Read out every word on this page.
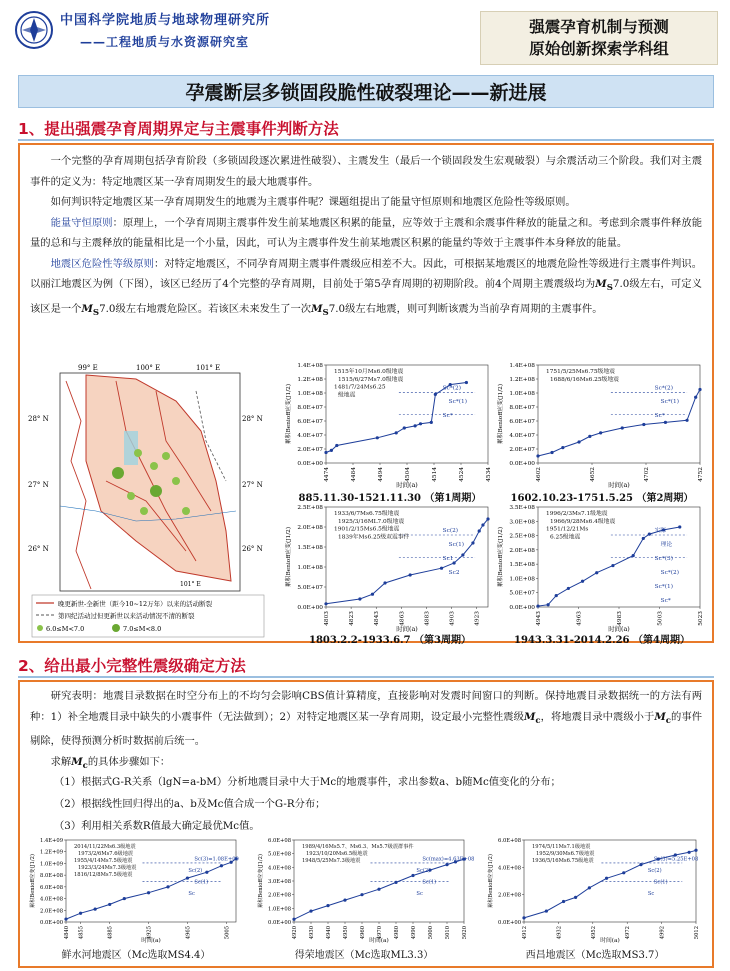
中国科学院地质与地球物理研究所
——工程地质与水资源研究室
强震孕育机制与预测
原始创新探索学科组
孕震断层多锁固段脆性破裂理论——新进展
1、提出强震孕育周期界定与主震事件判断方法

一个完整的孕育周期包括孕育阶段（多锁固段逐次累进性破裂）、主震发生（最后一个锁固段发生宏观破裂）与余震活动三个阶段。我们对主震事件的定义为：特定地震区某一孕育周期发生的最大地震事件。

如何判识特定地震区某一孕育周期发生的地震为主震事件呢？课题组提出了能量守恒原则和地震区危险性等级原则。

能量守恒原则：原理上，一个孕育周期主震事件发生前某地震区积累的能量，应等效于主震和余震事件释放的能量之和。考虑到余震事件释放能量的总和与主震释放的能量相比是一个小量，因此，可认为主震事件发生前某地震区积累的能量约等效于主震事件本身释放的能量。

地震区危险性等级原则：对特定地震区，不同孕育周期主震事件震级应相差不大。因此，可根据某地震区的地震危险性等级进行主震事件判识。以丽江地震区为例（下图），该区已经历了4个完整的孕育周期，目前处于第5孕育周期的初期阶段。前4个周期主震震级均为$M_S7.0$级左右，可定义该区是一个$M_S7.0$级左右地震危险区。若该区未来发生了一次$M_S7.0$级左右地震，则可判断该震为当前孕育周期的主震事件。

99° E	100° E	101° E
28° N
27° N
26° N
28° N
27° N
26° N
101° E
晚更新世-全新世（距今10~12万年）以来的活动断裂
第四纪活动过但更新世以来活动情况不清的断裂
6.0≤M<7.0	7.0≤M<8.0
0.0E+00
2.0E+07
4.0E+07
6.0E+07
8.0E+07
1.0E+08
1.2E+08
1.4E+08
4474	4484	4494	4504	4514	4524	4534
时间(a)
累积Benioff应变(J1/2)
1515年10月Ms6.0级地震
1515/6/27Ms7.0级地震
1481/7/24Ms6.25
级地震
Sc*(2)
Sc*(1)
Sc*
885.11.30-1521.11.30 （第1周期）
0.0E+00
2.0E+07
4.0E+07
6.0E+07
8.0E+07
1.0E+08
1.2E+08
1.4E+08
4602	4652	4702	4752
时间(a)
累积Benioff应变(J1/2)
1751/5/25Ms6.75级地震
1688/6/16Ms6.25级地震
Sc*(2)
Sc*(1)
Sc*
1602.10.23-1751.5.25 （第2周期）
0.0E+00
5.0E+07
1.0E+08
1.5E+08
2.0E+08
2.5E+08
4803	4823	4843	4863	4883	4903	4923
时间(a)
累积Benioff应变(J1/2)
1933/6/7Ms6.75级地震
1925/3/16ML7.0级地震
1901/2/15Ms6.5级地震
1839年Ms6.25级双震事件
Sc(2)
Sc(1)
Sc1
Sc2
1803.2.2-1933.6.7 （第3周期）
0.0E+00
5.0E+07
1.0E+08
1.5E+08
2.0E+08
2.5E+08
3.0E+08
3.5E+08
4943	4963	4983	5003	5023
时间(a)
累积Benioff应变(J1/2)
1996/2/3Ms7.1级地震
1966/9/28Ms6.4级地震
1951/12/21Ms
6.25级地震
实际
理论
Sc*(3)
Sc*(2)
Sc*(1)
Sc*
1943.3.31-2014.2.26 （第4周期）
2、给出最小完整性震级确定方法

研究表明：地震目录数据在时空分布上的不均匀会影响CBS值计算精度，直接影响对发震时间窗口的判断。保持地震目录数据统一的方法有两种：1）补全地震目录中缺失的小震事件（无法做到）；2）对特定地震区某一孕育周期，设定最小完整性震级$M_c$，将地震目录中震级小于$M_c$的事件剔除，使得预测分析时数据前后统一。

求解$M_c$的具体步骤如下：

（1）根据式G-R关系（lgN=a-bM）分析地震目录中大于Mc的地震事件，求出参数a、b随Mc值变化的分布；
（2）根据线性回归得出的a、b及Mc值合成一个G-R分布；
（3）利用相关系数R值最大确定最优Mc值。
0.0E+00
2.0E+08
4.0E+08
6.0E+08
8.0E+08
1.0E+09
1.2E+09
1.4E+09
4840 4855	4885	4925	4965	5005
时间(a)
累积Benioff应变(J1/2)
2014/11/22Ms6.3级地震
1973/2/6Ms7.6级地震
1955/4/14Ms7.5级地震
1923/3/24Ms7.3级地震
1816/12/8Ms7.5级地震
Sc(3)=1.08E+09
Sc(2)
Sc(1)
Sc
鲜水河地震区（Mc选取MS4.4）
0.0E+00
1.0E+08
2.0E+08
3.0E+08
4.0E+08
5.0E+08
6.0E+08
4920 4930 4940 4950 4960 4970 4980 4990 5000 5010 5020
时间(a)
累积Benioff应变(J1/2)
1989/4/16Ms5.7、Ms6.3、Ms5.7级震群事件
1923/10/20Ms6.5级地震
1948/5/25Ms7.3级地震	Sc(max)=4.63E+08
Sc(2)
Sc(1)
Sc
得荣地震区（Mc选取ML3.3）
0.0E+00
2.0E+08
4.0E+08
6.0E+08
4912	4932	4952	4972	4992	5012
时间(a)
累积Benioff应变(J1/2)
1974/5/11Ms7.1级地震
1952/9/30Ms6.7级地震
1936/5/16Ms6.75级地震	Sc(3)=5.25E+08
Sc(2)
Sc(1)
Sc
西昌地震区（Mc选取MS3.7）
